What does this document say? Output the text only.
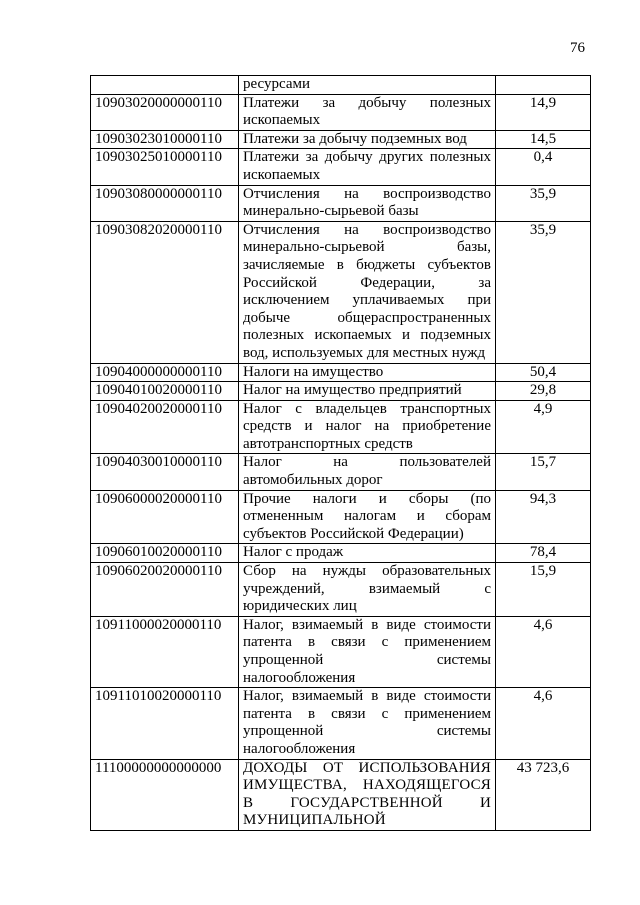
76
	ресурсами	
10903020000000110	Платежи за добычу полезных ископаемых	14,9
10903023010000110	Платежи за добычу подземных вод	14,5
10903025010000110	Платежи за добычу других полезных ископаемых	0,4
10903080000000110	Отчисления на воспроизводство минерально-сырьевой базы	35,9
10903082020000110	Отчисления на воспроизводство минерально-сырьевой базы, зачисляемые в бюджеты субъектов Российской Федерации, за исключением уплачиваемых при добыче общераспространенных полезных ископаемых и подземных вод, используемых для местных нужд	35,9
10904000000000110	Налоги на имущество	50,4
10904010020000110	Налог на имущество предприятий	29,8
10904020020000110	Налог с владельцев транспортных средств и налог на приобретение автотранспортных средств	4,9
10904030010000110	Налог на пользователей автомобильных дорог	15,7
10906000020000110	Прочие налоги и сборы (по отмененным налогам и сборам субъектов Российской Федерации)	94,3
10906010020000110	Налог с продаж	78,4
10906020020000110	Сбор на нужды образовательных учреждений, взимаемый с юридических лиц	15,9
10911000020000110	Налог, взимаемый в виде стоимости патента в связи с применением упрощенной системы налогообложения	4,6
10911010020000110	Налог, взимаемый в виде стоимости патента в связи с применением упрощенной системы налогообложения	4,6
11100000000000000	ДОХОДЫ ОТ ИСПОЛЬЗОВАНИЯ ИМУЩЕСТВА, НАХОДЯЩЕГОСЯ В ГОСУДАРСТВЕННОЙ И МУНИЦИПАЛЬНОЙ	43 723,6
